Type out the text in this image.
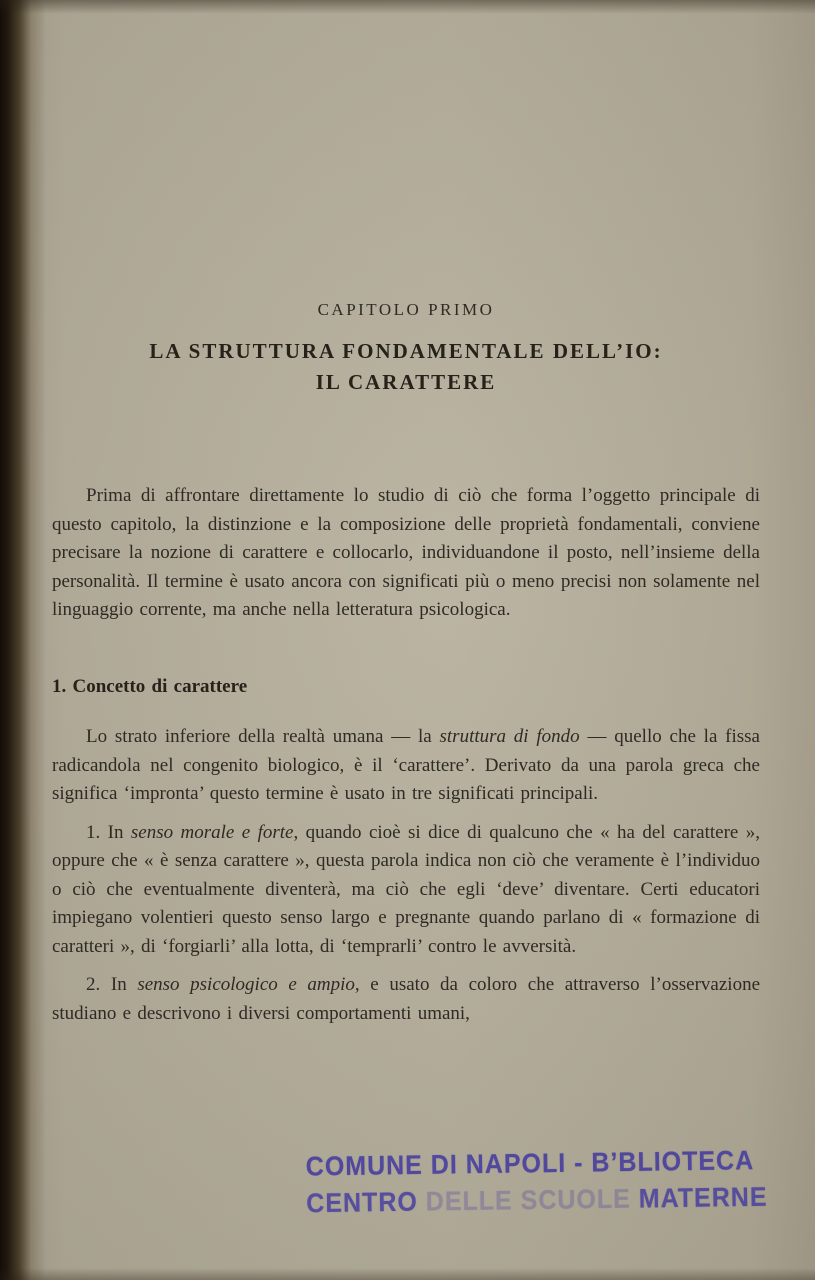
CAPITOLO PRIMO
LA STRUTTURA FONDAMENTALE DELL’IO:
IL CARATTERE

Prima di affrontare direttamente lo studio di ciò che forma l’oggetto principale di questo capitolo, la distinzione e la composizione delle proprietà fondamentali, conviene precisare la nozione di carattere e collocarlo, individuandone il posto, nell’insieme della personalità. Il termine è usato ancora con significati più o meno precisi non solamente nel linguaggio corrente, ma anche nella letteratura psicologica.

1. Concetto di carattere

Lo strato inferiore della realtà umana — la struttura di fondo — quello che la fissa radicandola nel congenito biologico, è il ‘carattere’. Derivato da una parola greca che significa ‘impronta’ questo termine è usato in tre significati principali.

1. In senso morale e forte, quando cioè si dice di qualcuno che « ha del carattere », oppure che « è senza carattere », questa parola indica non ciò che veramente è l’individuo o ciò che eventualmente diventerà, ma ciò che egli ‘deve’ diventare. Certi educatori impiegano volentieri questo senso largo e pregnante quando parlano di « formazione di caratteri », di ‘forgiarli’ alla lotta, di ‘temprarli’ contro le avversità.

2. In senso psicologico e ampio, e usato da coloro che attraverso l’osservazione studiano e descrivono i diversi comportamenti umani,

COMUNE DI NAPOLI - B’BLIOTECA
CENTRO DELLE SCUOLE MATERNE
